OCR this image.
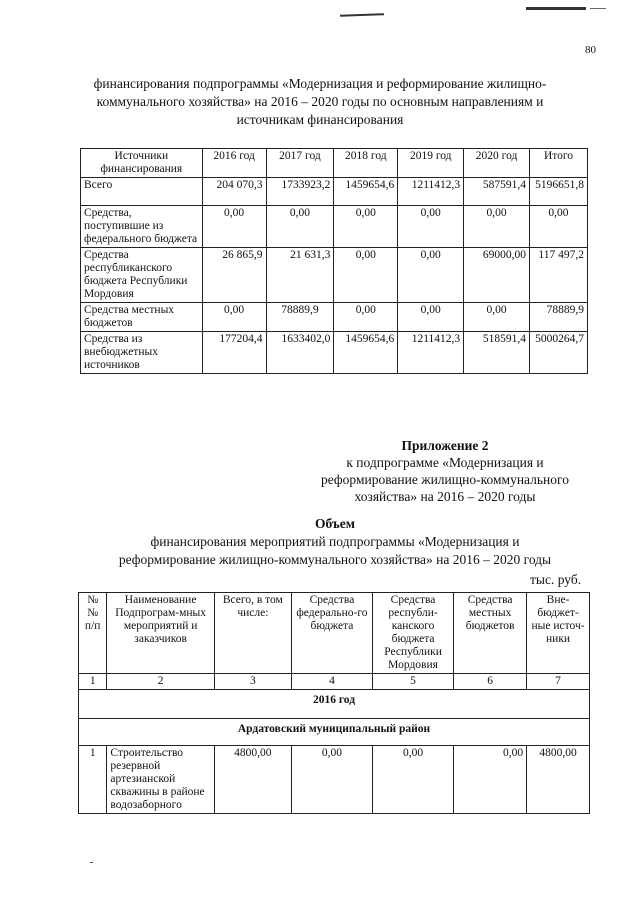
80
финансирования подпрограммы «Модернизация и реформирование жилищно-
коммунального хозяйства» на 2016 – 2020 годы по основным направлениям и
источникам финансирования
Источники финансирования	2016 год	2017 год	2018 год	2019 год	2020 год	Итого
Всего	204 070,3	1733923,2	1459654,6	1211412,3	587591,4	5196651,8
Средства, поступившие из федерального бюджета	0,00	0,00	0,00	0,00	0,00	0,00
Средства республиканского бюджета Республики Мордовия	26 865,9	21 631,3	0,00	0,00	69000,00	117 497,2
Средства местных бюджетов	0,00	78889,9	0,00	0,00	0,00	78889,9
Средства из внебюджетных источников	177204,4	1633402,0	1459654,6	1211412,3	518591,4	5000264,7
Приложение 2
к подпрограмме «Модернизация и
реформирование жилищно-коммунального
хозяйства» на 2016 – 2020 годы
Объем
финансирования мероприятий подпрограммы «Модернизация и
реформирование жилищно-коммунального хозяйства» на 2016 – 2020 годы
тыс. руб.
№ № п/п	Наименование Подпрограм-мных мероприятий и заказчиков	Всего, в том числе:	Средства федерально-го бюджета	Средства республи-канского бюджета Республики Мордовия	Средства местных бюджетов	Вне-бюджет-ные источ-ники
1	2	3	4	5	6	7
2016 год						
Ардатовский муниципальный район						
1	Строительство резервной артезианской скважины в районе водозаборного	4800,00	0,00	0,00	0,00	4800,00
